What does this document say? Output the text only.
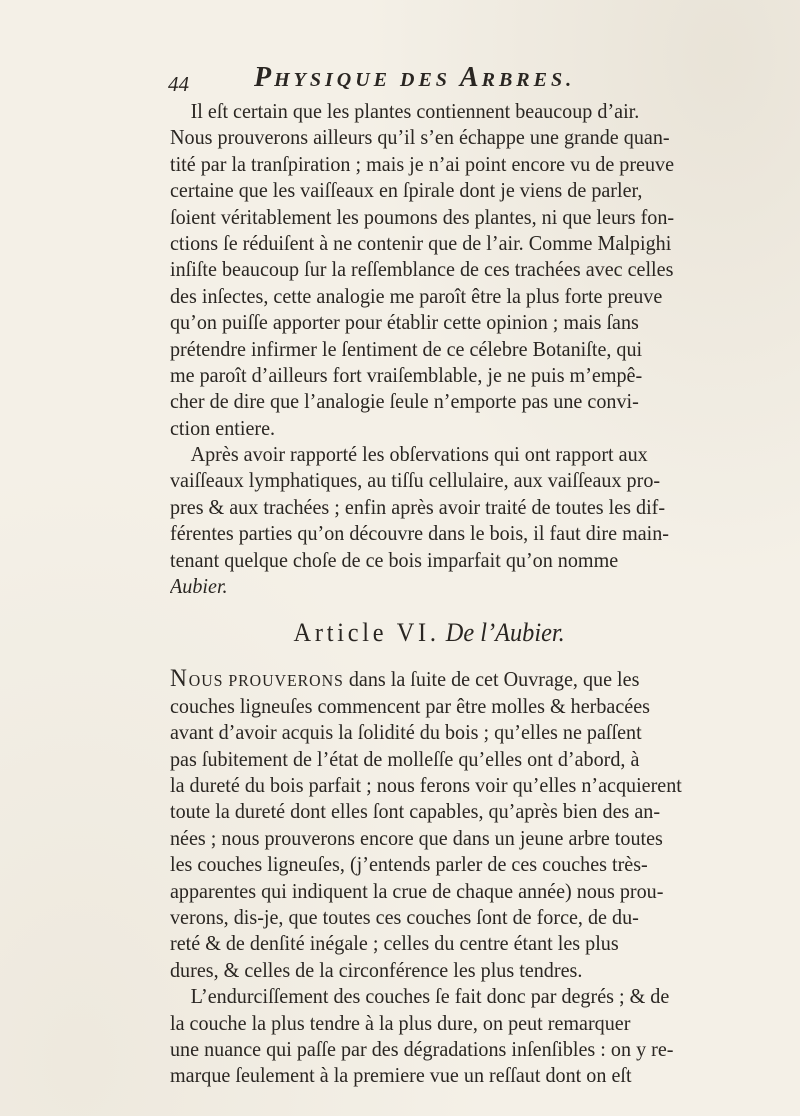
44 PHYSIQUE DES ARBRES.
Il eſt certain que les plantes contiennent beaucoup d’air.
Nous prouverons ailleurs qu’il s’en échappe une grande quan-
tité par la tranſpiration ; mais je n’ai point encore vu de preuve
certaine que les vaiſſeaux en ſpirale dont je viens de parler,
ſoient véritablement les poumons des plantes, ni que leurs fon-
ctions ſe réduiſent à ne contenir que de l’air. Comme Malpighi
inſiſte beaucoup ſur la reſſemblance de ces trachées avec celles
des inſectes, cette analogie me paroît être la plus forte preuve
qu’on puiſſe apporter pour établir cette opinion ; mais ſans
prétendre infirmer le ſentiment de ce célebre Botaniſte, qui
me paroît d’ailleurs fort vraiſemblable, je ne puis m’empê-
cher de dire que l’analogie ſeule n’emporte pas une convi-
ction entiere.
Après avoir rapporté les obſervations qui ont rapport aux
vaiſſeaux lymphatiques, au tiſſu cellulaire, aux vaiſſeaux pro-
pres & aux trachées ; enfin après avoir traité de toutes les dif-
férentes parties qu’on découvre dans le bois, il faut dire main-
tenant quelque choſe de ce bois imparfait qu’on nomme
Aubier.
Article VI. De l’Aubier.
NOUS PROUVERONS dans la ſuite de cet Ouvrage, que les
couches ligneuſes commencent par être molles & herbacées
avant d’avoir acquis la ſolidité du bois ; qu’elles ne paſſent
pas ſubitement de l’état de molleſſe qu’elles ont d’abord, à
la dureté du bois parfait ; nous ferons voir qu’elles n’acquierent
toute la dureté dont elles ſont capables, qu’après bien des an-
nées ; nous prouverons encore que dans un jeune arbre toutes
les couches ligneuſes, (j’entends parler de ces couches très-
apparentes qui indiquent la crue de chaque année) nous prou-
verons, dis-je, que toutes ces couches ſont de force, de du-
reté & de denſité inégale ; celles du centre étant les plus
dures, & celles de la circonférence les plus tendres.
L’endurciſſement des couches ſe fait donc par degrés ; & de
la couche la plus tendre à la plus dure, on peut remarquer
une nuance qui paſſe par des dégradations inſenſibles : on y re-
marque ſeulement à la premiere vue un reſſaut dont on eſt
